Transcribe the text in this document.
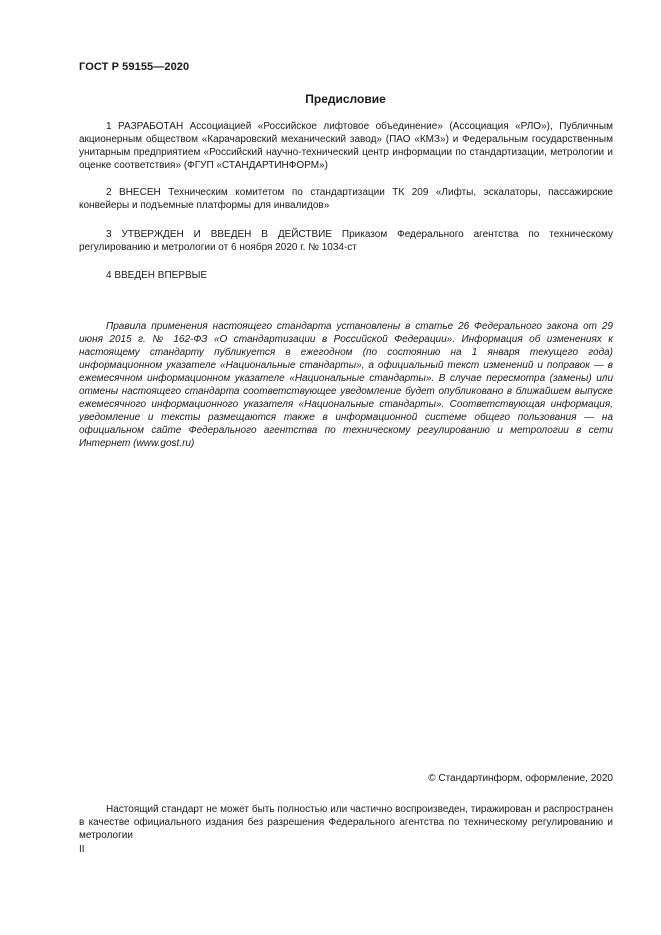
ГОСТ Р 59155—2020
Предисловие
1 РАЗРАБОТАН Ассоциацией «Российское лифтовое объединение» (Ассоциация «РЛО»), Публичным акционерным обществом «Карачаровский механический завод» (ПАО «КМЗ») и Федеральным государственным унитарным предприятием «Российский научно-технический центр информации по стандартизации, метрологии и оценке соответствия» (ФГУП «СТАНДАРТИНФОРМ»)
2 ВНЕСЕН Техническим комитетом по стандартизации ТК 209 «Лифты, эскалаторы, пассажирские конвейеры и подъемные платформы для инвалидов»
3 УТВЕРЖДЕН И ВВЕДЕН В ДЕЙСТВИЕ Приказом Федерального агентства по техническому регулированию и метрологии от 6 ноября 2020 г. № 1034-ст
4 ВВЕДЕН ВПЕРВЫЕ
Правила применения настоящего стандарта установлены в статье 26 Федерального закона от 29 июня 2015 г. № 162-ФЗ «О стандартизации в Российской Федерации». Информация об изменениях к настоящему стандарту публикуется в ежегодном (по состоянию на 1 января текущего года) информационном указателе «Национальные стандарты», а официальный текст изменений и поправок — в ежемесячном информационном указателе «Национальные стандарты». В случае пересмотра (замены) или отмены настоящего стандарта соответствующее уведомление будет опубликовано в ближайшем выпуске ежемесячного информационного указателя «Национальные стандарты». Соответствующая информация, уведомление и тексты размещаются также в информационной системе общего пользования — на официальном сайте Федерального агентства по техническому регулированию и метрологии в сети Интернет (www.gost.ru)
© Стандартинформ, оформление, 2020
Настоящий стандарт не может быть полностью или частично воспроизведен, тиражирован и распространен в качестве официального издания без разрешения Федерального агентства по техническому регулированию и метрологии
II
